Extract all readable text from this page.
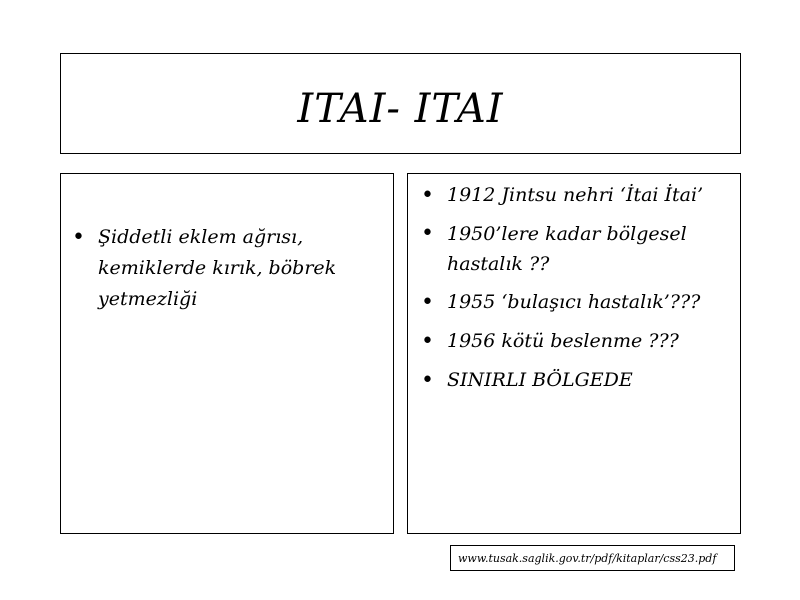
ITAI- ITAI
• Şiddetli eklem ağrısı, kemiklerde kırık, böbrek yetmezliği
• 1912 Jintsu nehri ‘İtai İtai’
• 1950’lere kadar bölgesel hastalık ??
• 1955 ‘bulaşıcı hastalık’???
• 1956 kötü beslenme ???
• SINIRLI BÖLGEDE
www.tusak.saglik.gov.tr/pdf/kitaplar/css23.pdf
